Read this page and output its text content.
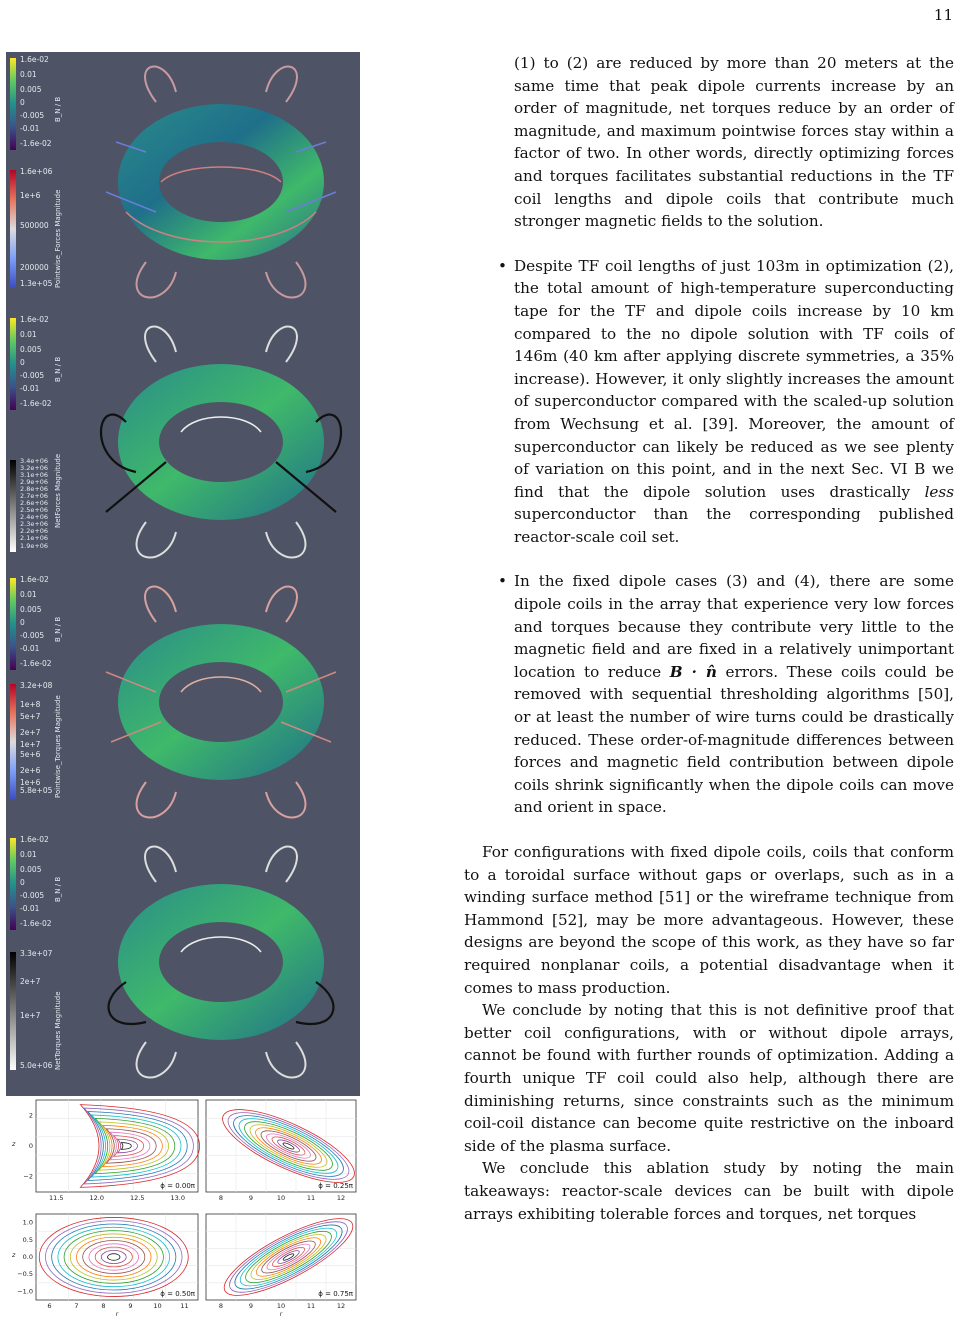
11
1.6e-02
0.01
0.005
0
-0.005
-0.01
-1.6e-02
B_N / B
1.6e+06
1e+6
500000
200000
1.3e+05 Pointwise_Forces Magnitude
1.6e-02
0.01
0.005
0
-0.005
-0.01
-1.6e-02
B_N / B
3.4e+06
3.2e+06
3.1e+06
2.9e+06
2.8e+06
2.7e+06
2.6e+06
2.5e+06
2.4e+06
2.3e+06
2.2e+06
2.1e+06
1.9e+06
NetForces Magnitude
1.6e-02
0.01
0.005
0
-0.005
-0.01
-1.6e-02
B_N / B
3.2e+08
1e+8
5e+7
2e+7
1e+7
5e+6
2e+6
1e+6
5.8e+05 Pointwise_Torques Magnitude
1.6e-02
0.01
0.005
0
-0.005
-0.01
-1.6e-02
B_N / B
3.3e+07
2e+7
1e+7
5.0e+06 NetTorques Magnitude
ϕ = 0.00π
11.5	12.0	12.5	13.0
2
0
−2
z
ϕ = 0.25π
8	9	10	11	12
ϕ = 0.50π
6	7	8	9	10	11
1.0
0.5
0.0
−0.5
−1.0
z
r
ϕ = 0.75π
8	9	10	11	12
r

(1) to (2) are reduced by more than 20 meters at the same time that peak dipole currents increase by an order of magnitude, net torques reduce by an order of magnitude, and maximum pointwise forces stay within a factor of two. In other words, directly optimizing forces and torques facilitates substantial reductions in the TF coil lengths and dipole coils that contribute much stronger magnetic fields to the solution.

• Despite TF coil lengths of just 103m in optimization (2), the total amount of high-temperature superconducting tape for the TF and dipole coils increase by 10 km compared to the no dipole solution with TF coils of 146m (40 km after applying discrete symmetries, a 35% increase). However, it only slightly increases the amount of superconductor compared with the scaled-up solution from Wechsung et al. [39]. Moreover, the amount of superconductor can likely be reduced as we see plenty of variation on this point, and in the next Sec. VI B we find that the dipole solution uses drastically less superconductor than the corresponding published reactor-scale coil set.
• In the fixed dipole cases (3) and (4), there are some dipole coils in the array that experience very low forces and torques because they contribute very little to the magnetic field and are fixed in a relatively unimportant location to reduce B · n̂ errors. These coils could be removed with sequential thresholding algorithms [50], or at least the number of wire turns could be drastically reduced. These order-of-magnitude differences between forces and magnetic field contribution between dipole coils shrink significantly when the dipole coils can move and orient in space.

For configurations with fixed dipole coils, coils that conform to a toroidal surface without gaps or overlaps, such as in a winding surface method [51] or the wireframe technique from Hammond [52], may be more advantageous. However, these designs are beyond the scope of this work, as they have so far required nonplanar coils, a potential disadvantage when it comes to mass production.

We conclude by noting that this is not definitive proof that better coil configurations, with or without dipole arrays, cannot be found with further rounds of optimization. Adding a fourth unique TF coil could also help, although there are diminishing returns, since constraints such as the minimum coil-coil distance can become quite restrictive on the inboard side of the plasma surface.

We conclude this ablation study by noting the main takeaways: reactor-scale devices can be built with dipole arrays exhibiting tolerable forces and torques, net torques
